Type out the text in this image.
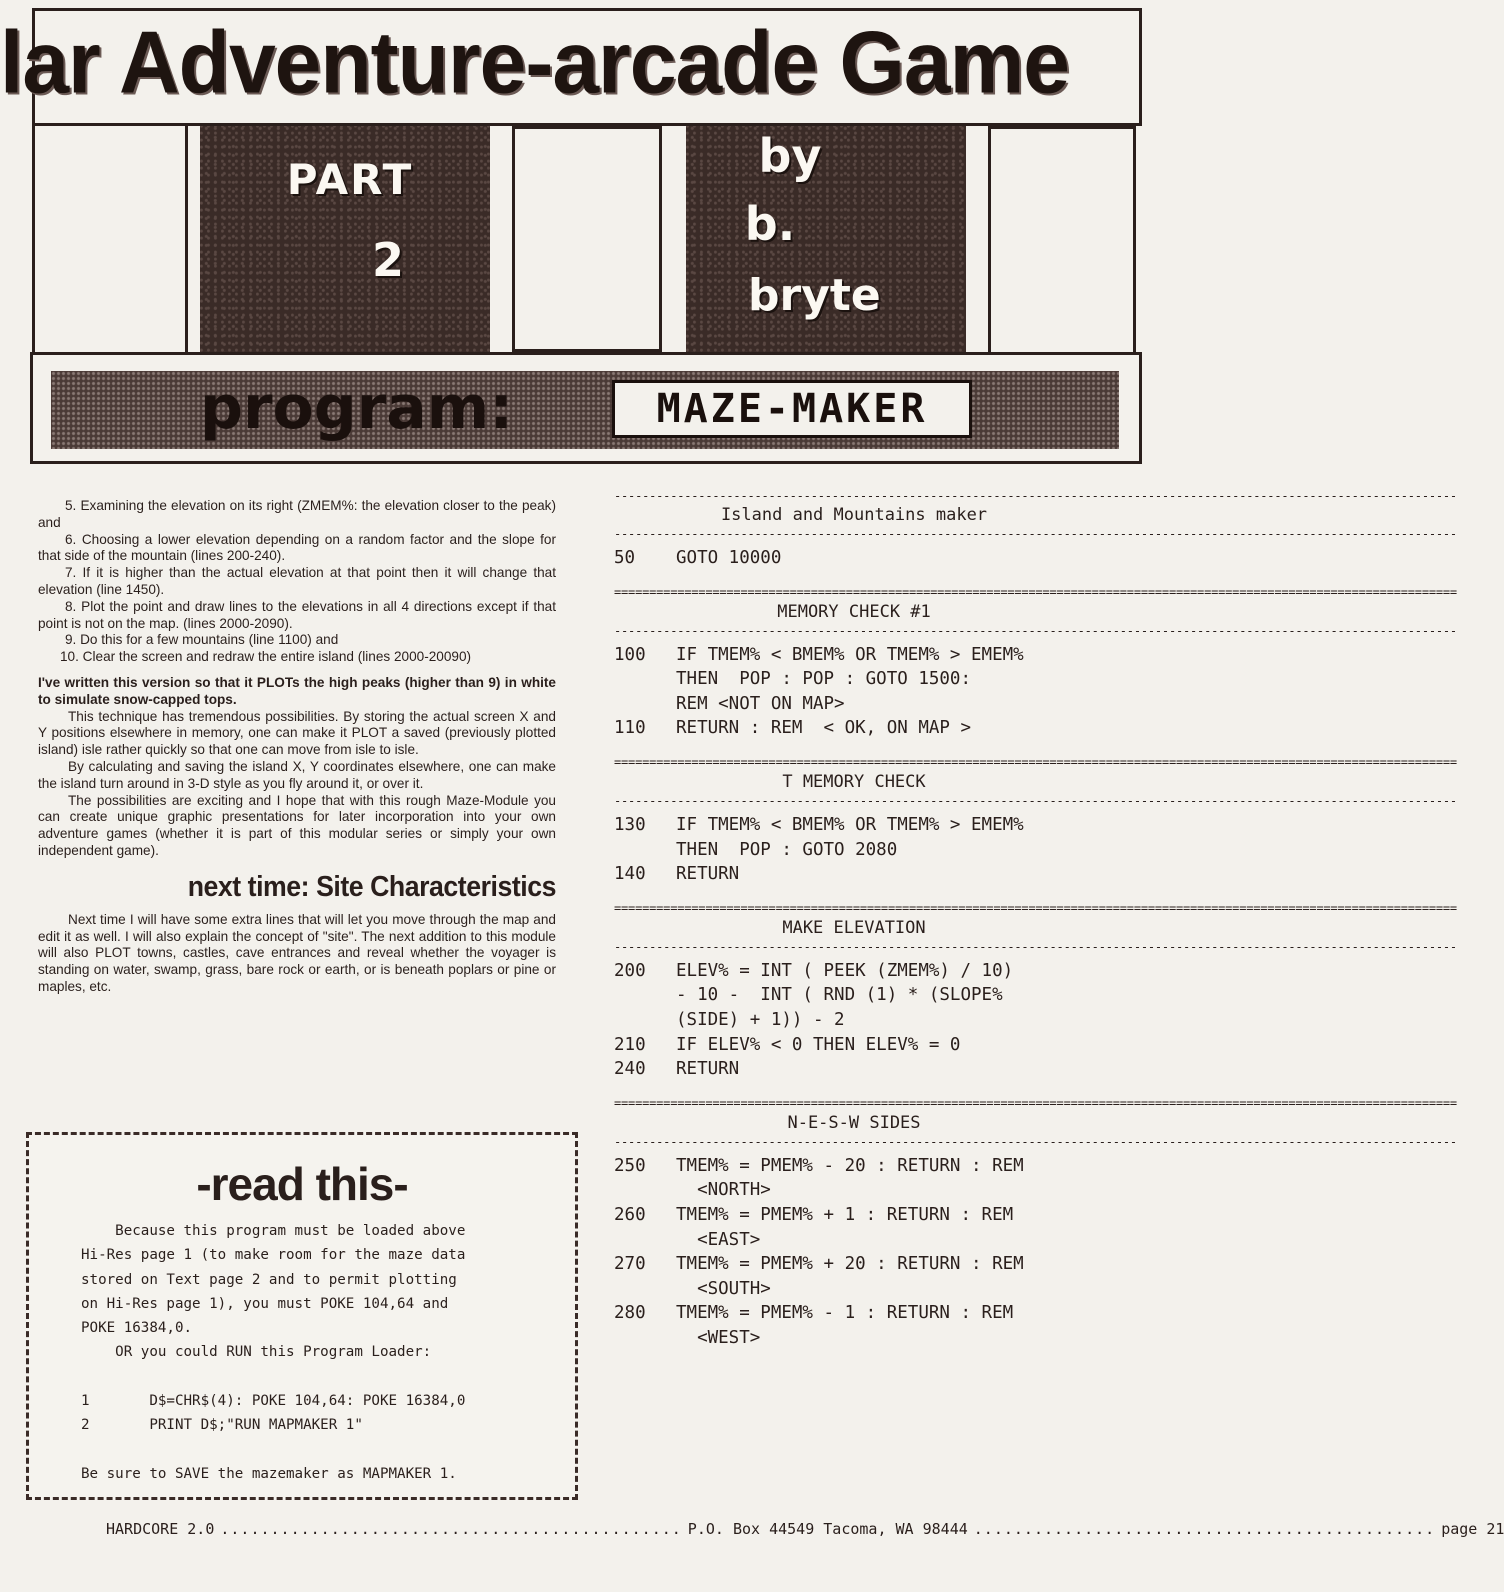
lar Adventure-arcade Game
PART
2
by
b.
bryte
program:	MAZE-MAKER

5. Examining the elevation on its right (ZMEM%: the elevation closer to the peak) and

6. Choosing a lower elevation depending on a random factor and the slope for that side of the mountain (lines 200-240).

7. If it is higher than the actual elevation at that point then it will change that elevation (line 1450).

8. Plot the point and draw lines to the elevations in all 4 directions except if that point is not on the map. (lines 2000-2090).

9. Do this for a few mountains (line 1100) and

10. Clear the screen and redraw the entire island (lines 2000-20090)

I've written this version so that it PLOTs the high peaks (higher than 9) in white to simulate snow-capped tops.

This technique has tremendous possibilities. By storing the actual screen X and Y positions elsewhere in memory, one can make it PLOT a saved (previously plotted island) isle rather quickly so that one can move from isle to isle.

By calculating and saving the island X, Y coordinates elsewhere, one can make the island turn around in 3-D style as you fly around it, or over it.

The possibilities are exciting and I hope that with this rough Maze-Module you can create unique graphic presentations for later incorporation into your own adventure games (whether it is part of this modular series or simply your own independent game).

next time: Site Characteristics

Next time I will have some extra lines that will let you move through the map and edit it as well. I will also explain the concept of "site". The next addition to this module will also PLOT towns, castles, cave entrances and reveal whether the voyager is standing on water, swamp, grass, bare rock or earth, or is beneath poplars or pine or maples, etc.

-read this-
Because this program must be loaded above
Hi-Res page 1 (to make room for the maze data
stored on Text page 2 and to permit plotting
on Hi-Res page 1), you must POKE 104,64 and
POKE 16384,0.
OR you could RUN this Program Loader:

1       D$=CHR$(4): POKE 104,64: POKE 16384,0
2       PRINT D$;"RUN MAPMAKER 1"

Be sure to SAVE the mazemaker as MAPMAKER 1.
------------------------------------------------------------------------------------------------------------------------
Island and Mountains maker
------------------------------------------------------------------------------------------------------------------------
50	GOTO 10000
========================================================================================================================
MEMORY CHECK #1
------------------------------------------------------------------------------------------------------------------------
100	IF TMEM% < BMEM% OR TMEM% > EMEM%
THEN  POP : POP : GOTO 1500:
REM <NOT ON MAP>
110	RETURN : REM  < OK, ON MAP >
========================================================================================================================
T MEMORY CHECK
------------------------------------------------------------------------------------------------------------------------
130	IF TMEM% < BMEM% OR TMEM% > EMEM%
THEN  POP : GOTO 2080
140	RETURN
========================================================================================================================
MAKE ELEVATION
------------------------------------------------------------------------------------------------------------------------
200	ELEV% = INT ( PEEK (ZMEM%) / 10)
- 10 -  INT ( RND (1) * (SLOPE%
(SIDE) + 1)) - 2
210	IF ELEV% < 0 THEN ELEV% = 0
240	RETURN
========================================================================================================================
N-E-S-W SIDES
------------------------------------------------------------------------------------------------------------------------
250	TMEM% = PMEM% - 20 : RETURN : REM
<NORTH>
260	TMEM% = PMEM% + 1 : RETURN : REM
<EAST>
270	TMEM% = PMEM% + 20 : RETURN : REM
<SOUTH>
280	TMEM% = PMEM% - 1 : RETURN : REM
<WEST>
HARDCORE 2.0 .............................................. P.O. Box 44549 Tacoma, WA 98444 .............................................. page 21
